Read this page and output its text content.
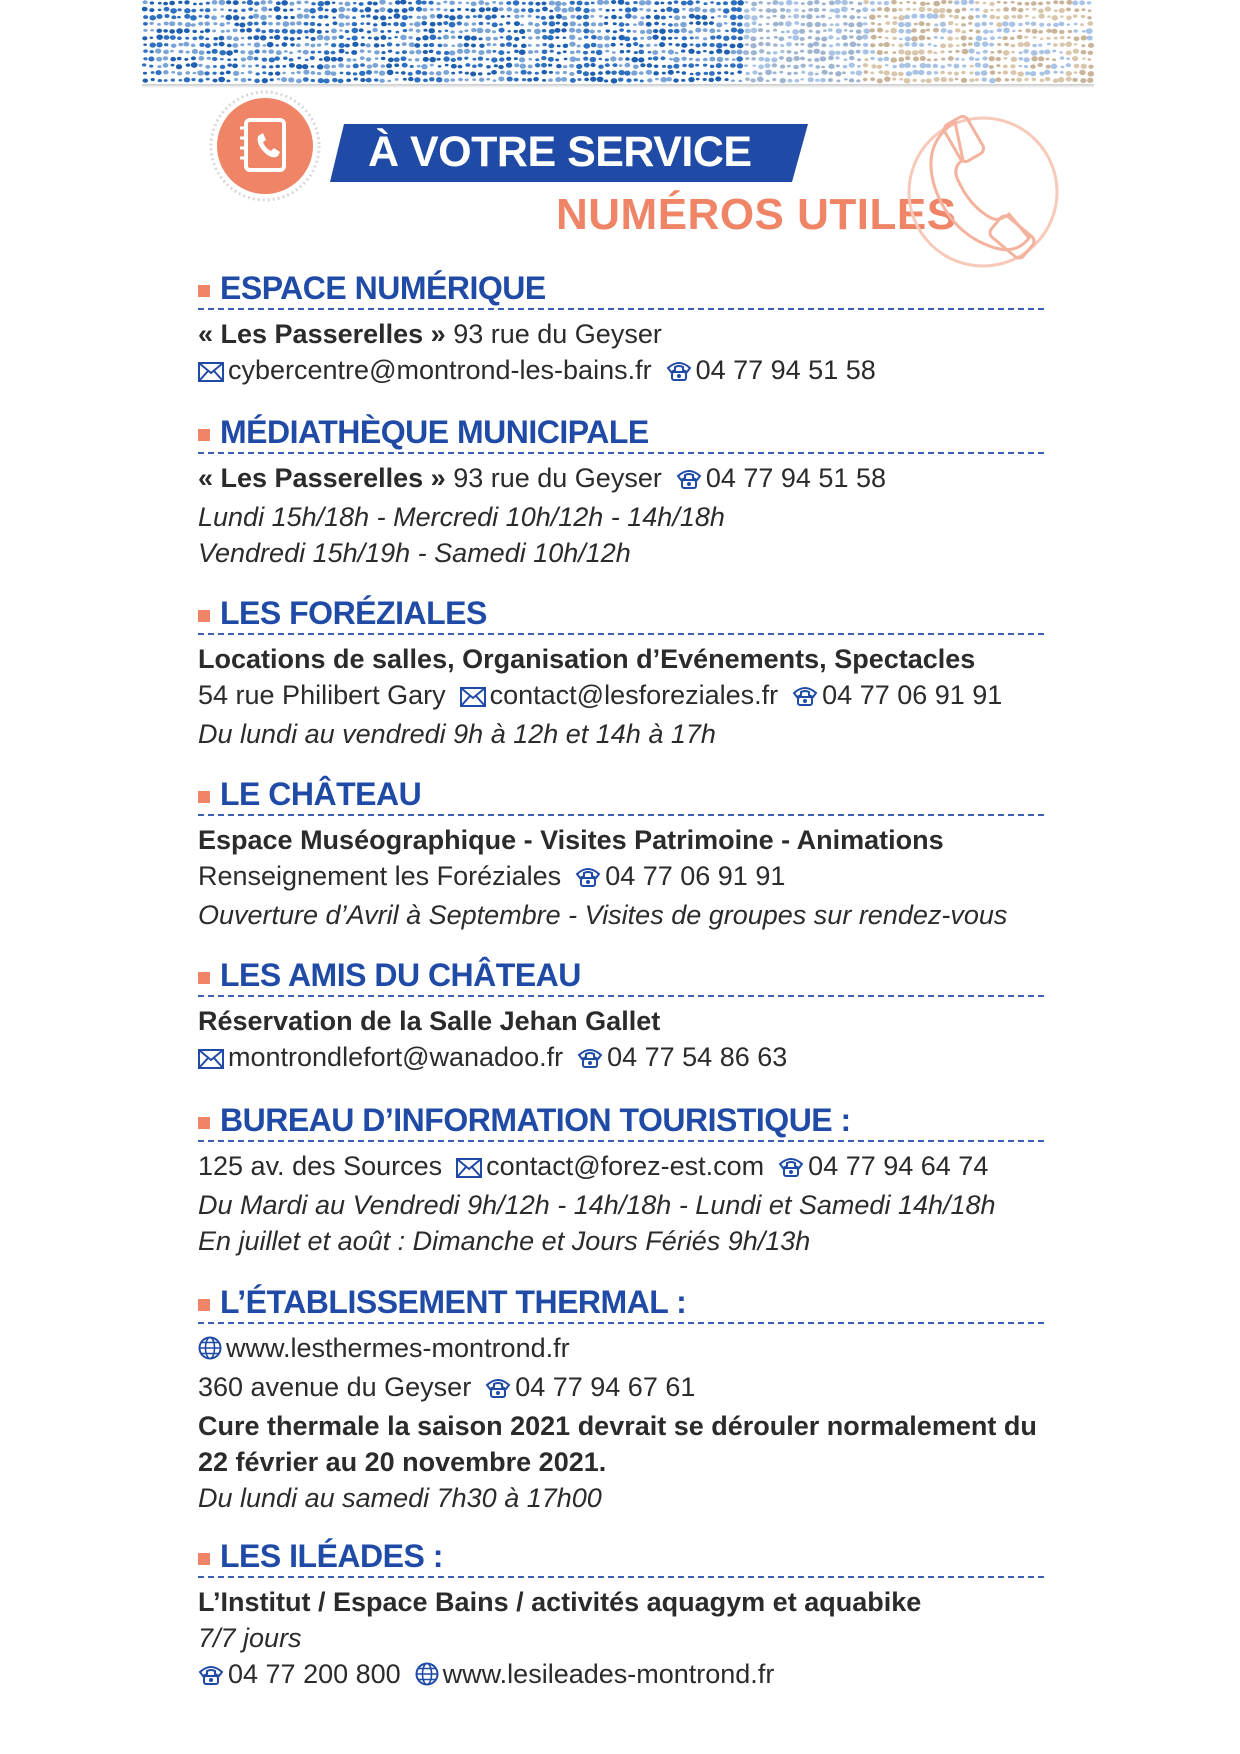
À VOTRE SERVICE
NUMÉROS UTILES
ESPACE NUMÉRIQUE
« Les Passerelles » 93 rue du Geyser
cybercentre@montrond-les-bains.fr 04 77 94 51 58
MÉDIATHÈQUE MUNICIPALE
« Les Passerelles » 93 rue du Geyser 04 77 94 51 58
Lundi 15h/18h - Mercredi 10h/12h - 14h/18h
Vendredi 15h/19h - Samedi 10h/12h
LES FORÉZIALES
Locations de salles, Organisation d’Evénements, Spectacles
54 rue Philibert Gary contact@lesforeziales.fr 04 77 06 91 91
Du lundi au vendredi 9h à 12h et 14h à 17h
LE CHÂTEAU
Espace Muséographique - Visites Patrimoine - Animations
Renseignement les Foréziales 04 77 06 91 91
Ouverture d’Avril à Septembre - Visites de groupes sur rendez-vous
LES AMIS DU CHÂTEAU
Réservation de la Salle Jehan Gallet
montrondlefort@wanadoo.fr 04 77 54 86 63
BUREAU D’INFORMATION TOURISTIQUE :
125 av. des Sources contact@forez-est.com 04 77 94 64 74
Du Mardi au Vendredi 9h/12h - 14h/18h - Lundi et Samedi 14h/18h
En juillet et août : Dimanche et Jours Fériés 9h/13h
L’ÉTABLISSEMENT THERMAL :
www.lesthermes-montrond.fr
360 avenue du Geyser 04 77 94 67 61
Cure thermale la saison 2021 devrait se dérouler normalement du
22 février au 20 novembre 2021.
Du lundi au samedi 7h30 à 17h00
LES ILÉADES :
L’Institut / Espace Bains / activités aquagym et aquabike
7/7 jours
04 77 200 800 www.lesileades-montrond.fr
